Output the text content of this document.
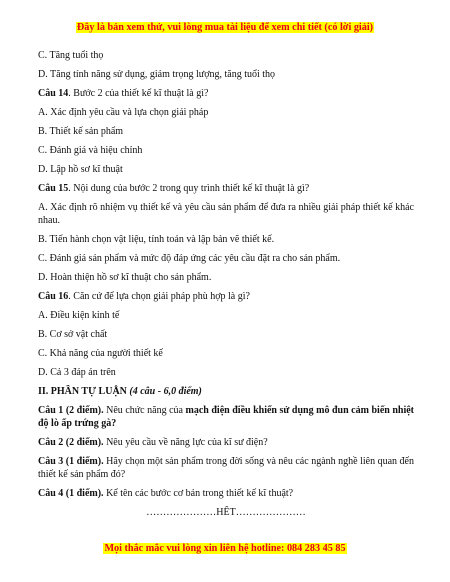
Đây là bản xem thử, vui lòng mua tài liệu để xem chi tiết (có lời giải)
C. Tăng tuổi thọ
D. Tăng tính năng sử dụng, giảm trọng lượng, tăng tuổi thọ
Câu 14. Bước 2 của thiết kế kĩ thuật là gì?
A. Xác định yêu cầu và lựa chọn giải pháp
B. Thiết kế sản phẩm
C. Đánh giá và hiệu chỉnh
D. Lập hồ sơ kĩ thuật
Câu 15. Nội dung của bước 2 trong quy trình thiết kế kĩ thuật là gì?
A. Xác định rõ nhiệm vụ thiết kế và yêu cầu sản phẩm để đưa ra nhiều giải pháp thiết kế khác nhau.
B. Tiến hành chọn vật liệu, tính toán và lập bản vẽ thiết kế.
C. Đánh giá sản phẩm và mức độ đáp ứng các yêu cầu đặt ra cho sản phẩm.
D. Hoàn thiện hồ sơ kĩ thuật cho sản phẩm.
Câu 16. Căn cứ để lựa chọn giải pháp phù hợp là gì?
A. Điều kiện kinh tế
B. Cơ sở vật chất
C. Khả năng của người thiết kế
D. Cả 3 đáp án trên
II. PHẦN TỰ LUẬN (4 câu - 6,0 điểm)
Câu 1 (2 điểm). Nêu chức năng của mạch điện điều khiển sử dụng mô đun cảm biến nhiệt độ lò ấp trứng gà?
Câu 2 (2 điểm). Nêu yêu cầu về năng lực của kĩ sư điện?
Câu 3 (1 điểm). Hãy chọn một sản phẩm trong đời sống và nêu các ngành nghề liên quan đến thiết kế sản phẩm đó?
Câu 4 (1 điểm). Kể tên các bước cơ bản trong thiết kế kĩ thuật?
…………………HẾT…………………
Mọi thắc mắc vui lòng xin liên hệ hotline: 084 283 45 85
